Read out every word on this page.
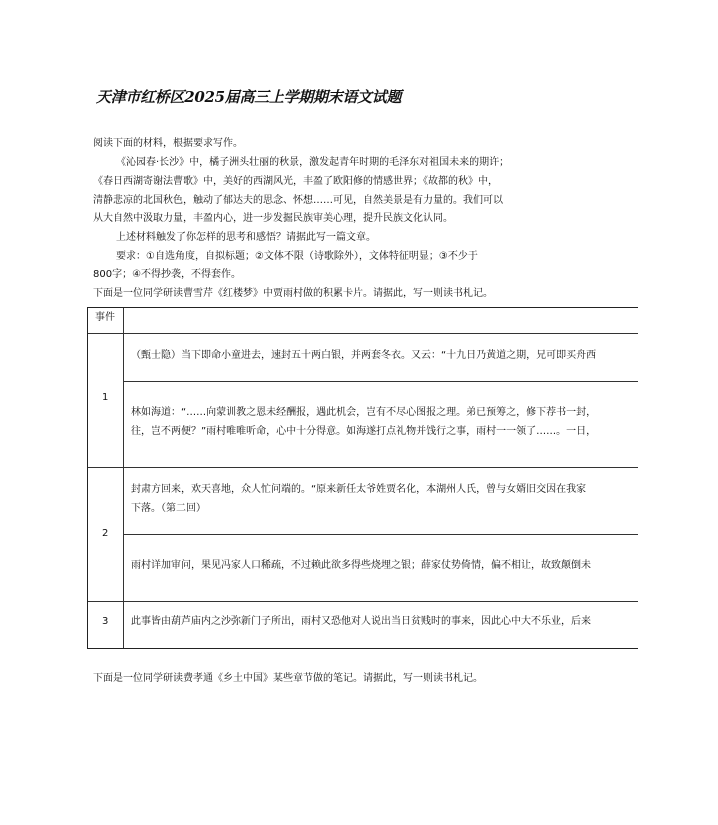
天津市红桥区2025届高三上学期期末语文试题
阅读下面的材料，根据要求写作。
《沁园春·长沙》中，橘子洲头壮丽的秋景，激发起青年时期的毛泽东对祖国未来的期许；
《春日西湖寄谢法曹歌》中，美好的西湖风光，丰盈了欧阳修的情感世界；《故都的秋》中，
清静悲凉的北国秋色，触动了郁达夫的思念、怀想……可见，自然美景是有力量的。我们可以
从大自然中汲取力量，丰盈内心，进一步发掘民族审美心理，提升民族文化认同。
上述材料触发了你怎样的思考和感悟？请据此写一篇文章。
要求：①自选角度，自拟标题；②文体不限（诗歌除外），文体特征明显；③不少于
800字；④不得抄袭，不得套作。
下面是一位同学研读曹雪芹《红楼梦》中贾雨村做的积累卡片。请据此，写一则读书札记。
事件
1
（甄士隐）当下即命小童进去，速封五十两白银，并两套冬衣。又云：“十九日乃黄道之期，兄可即买舟西
林如海道：“……向蒙训教之恩未经酬报，遇此机会，岂有不尽心图报之理。弟已预筹之，修下荐书一封，
往，岂不两便？”雨村唯唯听命，心中十分得意。如海遂打点礼物并饯行之事，雨村一一领了……。一日，
2
封肃方回来，欢天喜地，众人忙问端的。“原来新任太爷姓贾名化，本湖州人氏，曾与女婿旧交因在我家
下落。（第二回）
雨村详加审问，果见冯家人口稀疏，不过赖此欲多得些烧埋之银；薛家仗势倚情，偏不相让，故致颠倒未
3 此事皆由葫芦庙内之沙弥新门子所出，雨村又恐他对人说出当日贫贱时的事来，因此心中大不乐业，后来
下面是一位同学研读费孝通《乡土中国》某些章节做的笔记。请据此，写一则读书札记。
